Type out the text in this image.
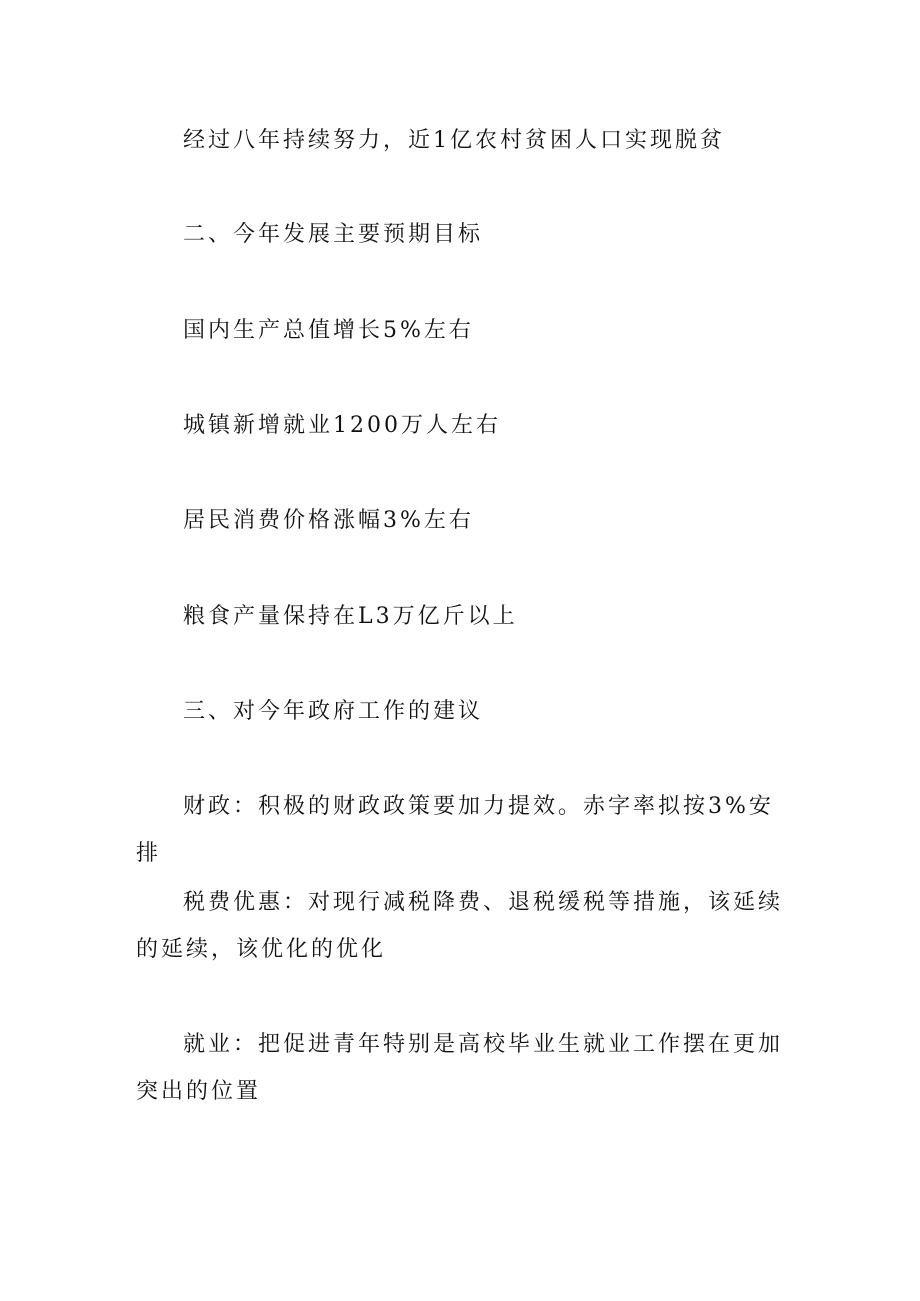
经过八年持续努力，近1亿农村贫困人口实现脱贫

二、今年发展主要预期目标

国内生产总值增长5%左右

城镇新增就业1200万人左右

居民消费价格涨幅3%左右

粮食产量保持在L3万亿斤以上

三、对今年政府工作的建议

财政：积极的财政政策要加力提效。赤字率拟按3%安排

税费优惠：对现行减税降费、退税缓税等措施，该延续的延续，该优化的优化

就业：把促进青年特别是高校毕业生就业工作摆在更加突出的位置
